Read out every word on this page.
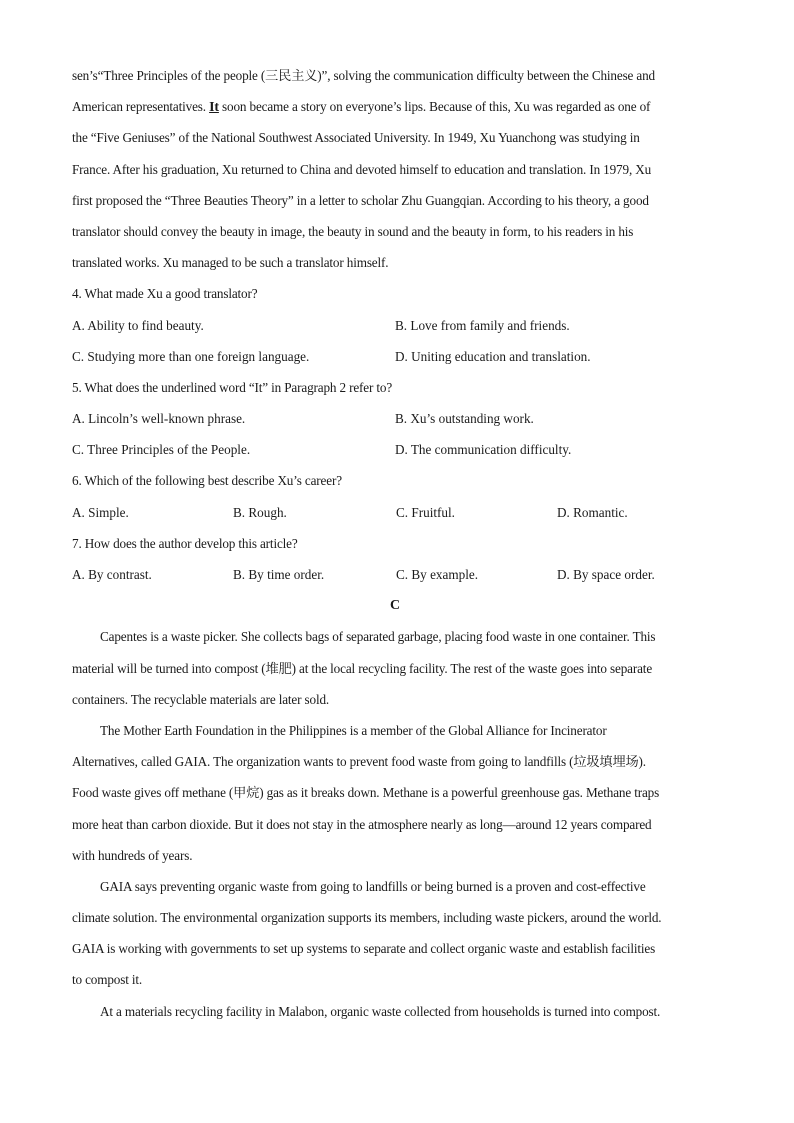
sen’s“Three Principles of the people (三民主义)”, solving the communication difficulty between the Chinese and
American representatives. It soon became a story on everyone’s lips. Because of this, Xu was regarded as one of
the “Five Geniuses” of the National Southwest Associated University. In 1949, Xu Yuanchong was studying in
France. After his graduation, Xu returned to China and devoted himself to education and translation. In 1979, Xu
first proposed the “Three Beauties Theory” in a letter to scholar Zhu Guangqian. According to his theory, a good
translator should convey the beauty in image, the beauty in sound and the beauty in form, to his readers in his
translated works. Xu managed to be such a translator himself.
4. What made Xu a good translator?
A. Ability to find beauty.	B. Love from family and friends.
C. Studying more than one foreign language.	D. Uniting education and translation.
5. What does the underlined word “It” in Paragraph 2 refer to?
A. Lincoln’s well-known phrase.	B. Xu’s outstanding work.
C. Three Principles of the People.	D. The communication difficulty.
6. Which of the following best describe Xu’s career?
A. Simple.	B. Rough.	C. Fruitful.	D. Romantic.
7. How does the author develop this article?
A. By contrast.	B. By time order.	C. By example.	D. By space order.
C
Capentes is a waste picker. She collects bags of separated garbage, placing food waste in one container. This
material will be turned into compost (堆肥) at the local recycling facility. The rest of the waste goes into separate
containers. The recyclable materials are later sold.
The Mother Earth Foundation in the Philippines is a member of the Global Alliance for Incinerator
Alternatives, called GAIA. The organization wants to prevent food waste from going to landfills (垃圾填埋场).
Food waste gives off methane (甲烷) gas as it breaks down. Methane is a powerful greenhouse gas. Methane traps
more heat than carbon dioxide. But it does not stay in the atmosphere nearly as long—around 12 years compared
with hundreds of years.
GAIA says preventing organic waste from going to landfills or being burned is a proven and cost-effective
climate solution. The environmental organization supports its members, including waste pickers, around the world.
GAIA is working with governments to set up systems to separate and collect organic waste and establish facilities
to compost it.
At a materials recycling facility in Malabon, organic waste collected from households is turned into compost.
